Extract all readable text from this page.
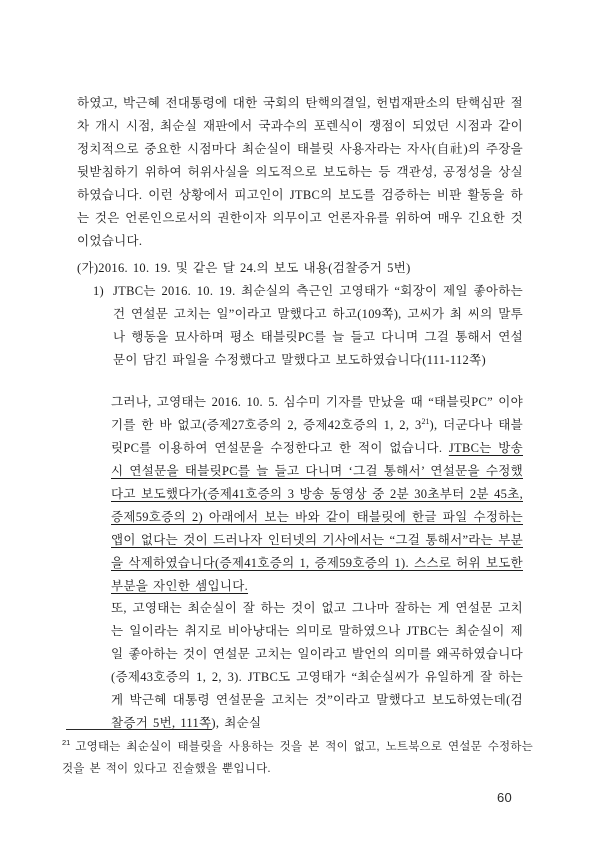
하였고, 박근혜 전대통령에 대한 국회의 탄핵의결일, 헌법재판소의 탄핵심판 절차 개시 시점, 최순실 재판에서 국과수의 포렌식이 쟁점이 되었던 시점과 같이 정치적으로 중요한 시점마다 최순실이 태블릿 사용자라는 자사(自社)의 주장을 뒷받침하기 위하여 허위사실을 의도적으로 보도하는 등 객관성, 공정성을 상실하였습니다. 이런 상황에서 피고인이 JTBC의 보도를 검증하는 비판 활동을 하는 것은 언론인으로서의 권한이자 의무이고 언론자유를 위하여 매우 긴요한 것이었습니다.

(가)2016. 10. 19. 및 같은 달 24.의 보도 내용(검찰증거 5번)

1) JTBC는 2016. 10. 19. 최순실의 측근인 고영태가 “회장이 제일 좋아하는 건 연설문 고치는 일”이라고 말했다고 하고(109쪽), 고씨가 최 씨의 말투나 행동을 묘사하며 평소 태블릿PC를 늘 들고 다니며 그걸 통해서 연설문이 담긴 파일을 수정했다고 말했다고 보도하였습니다(111-112쪽)

그러나, 고영태는 2016. 10. 5. 심수미 기자를 만났을 때 “태블릿PC” 이야기를 한 바 없고(증제27호증의 2, 증제42호증의 1, 2, $3^{21}$), 더군다나 태블릿PC를 이용하여 연설문을 수정한다고 한 적이 없습니다. JTBC는 방송 시 연설문을 태블릿PC를 늘 들고 다니며 ‘그걸 통해서’ 연설문을 수정했다고 보도했다가(증제41호증의 3 방송 동영상 중 2분 30초부터 2분 45초, 증제59호증의 2) 아래에서 보는 바와 같이 태블릿에 한글 파일 수정하는 앱이 없다는 것이 드러나자 인터넷의 기사에서는 “그걸 통해서”라는 부분을 삭제하였습니다(증제41호증의 1, 증제59호증의 1). 스스로 허위 보도한 부분을 자인한 셈입니다.

또, 고영태는 최순실이 잘 하는 것이 없고 그나마 잘하는 게 연설문 고치는 일이라는 취지로 비아냥대는 의미로 말하였으나 JTBC는 최순실이 제일 좋아하는 것이 연설문 고치는 일이라고 발언의 의미를 왜곡하였습니다(증제43호증의 1, 2, 3). JTBC도 고영태가 “최순실씨가 유일하게 잘 하는게 박근혜 대통령 연설문을 고치는 것”이라고 말했다고 보도하였는데(검찰증거 5번, 111쪽), 최순실

$^{21}$ 고영태는 최순실이 태블릿을 사용하는 것을 본 적이 없고, 노트북으로 연설문 수정하는 것을 본 적이 있다고 진술했을 뿐입니다.
60
